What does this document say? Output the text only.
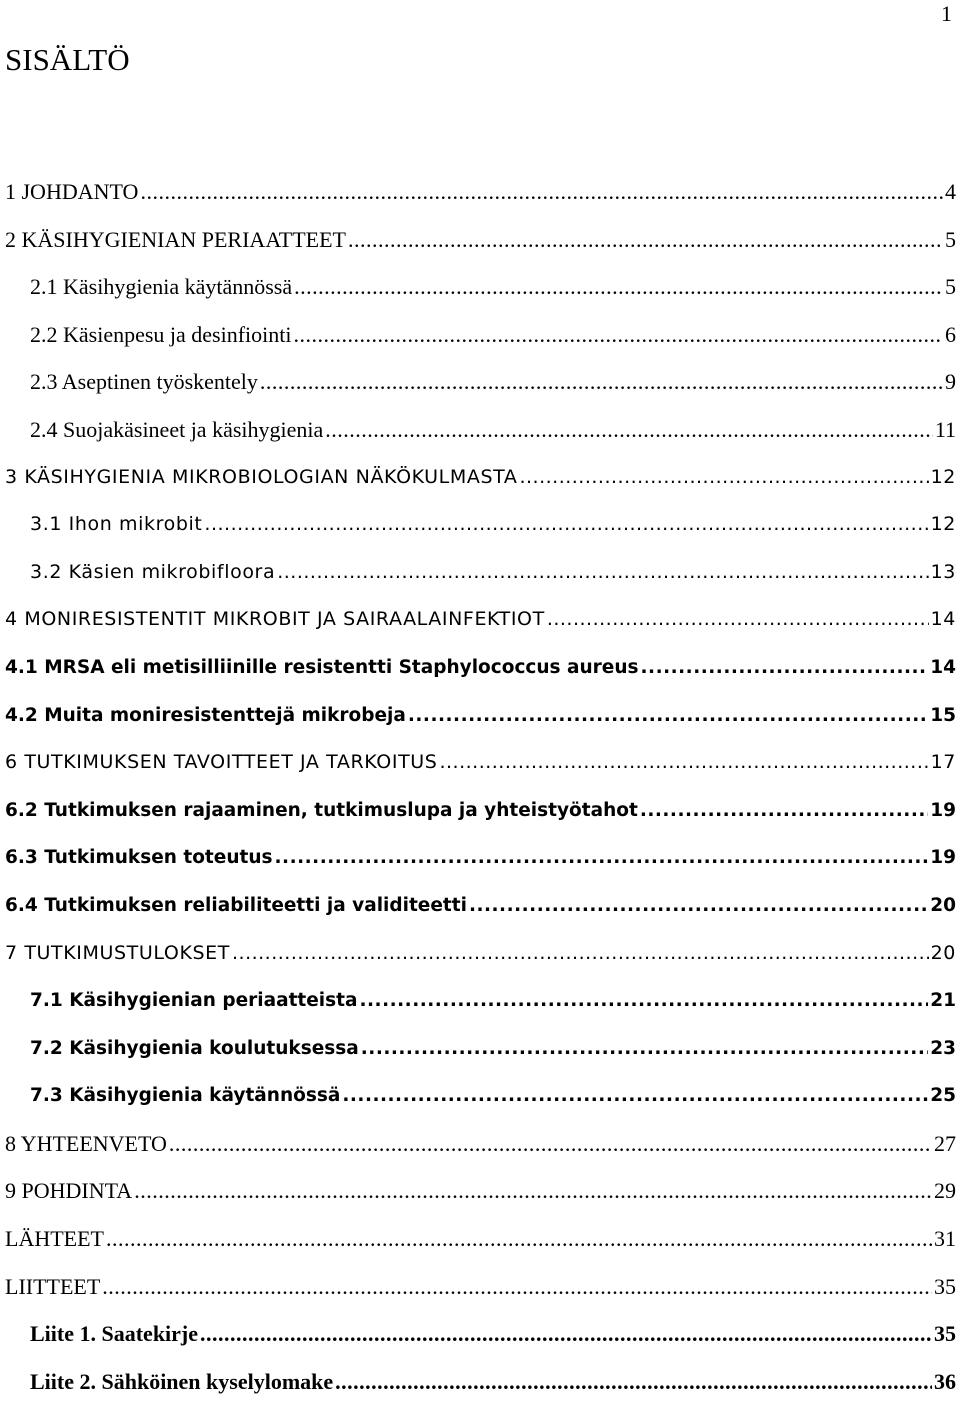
1
SISÄLTÖ
1 JOHDANTO .....	4
2 KÄSIHYGIENIAN PERIAATTEET .....	5
2.1 Käsihygienia käytännössä .....	5
2.2 Käsienpesu ja desinfiointi .....	6
2.3 Aseptinen työskentely .....	9
2.4 Suojakäsineet ja käsihygienia .....	11
3 KÄSIHYGIENIA MIKROBIOLOGIAN NÄKÖKULMASTA .....	12
3.1 Ihon mikrobit .....	12
3.2 Käsien mikrobifloora .....	13
4 MONIRESISTENTIT MIKROBIT JA SAIRAALAINFEKTIOT .....	14
4.1 MRSA eli metisilliinille resistentti Staphylococcus aureus .....	14
4.2 Muita moniresistenttejä mikrobeja .....	15
6 TUTKIMUKSEN TAVOITTEET JA TARKOITUS .....	17
6.2 Tutkimuksen rajaaminen, tutkimuslupa ja yhteistyötahot .....	19
6.3 Tutkimuksen toteutus .....	19
6.4 Tutkimuksen reliabiliteetti ja validiteetti .....	20
7 TUTKIMUSTULOKSET .....	20
7.1 Käsihygienian periaatteista .....	21
7.2 Käsihygienia koulutuksessa .....	23
7.3 Käsihygienia käytännössä .....	25
8 YHTEENVETO .....	27
9 POHDINTA .....	29
LÄHTEET .....	31
LIITTEET .....	35
Liite 1. Saatekirje .....	35
Liite 2. Sähköinen kyselylomake .....	36
